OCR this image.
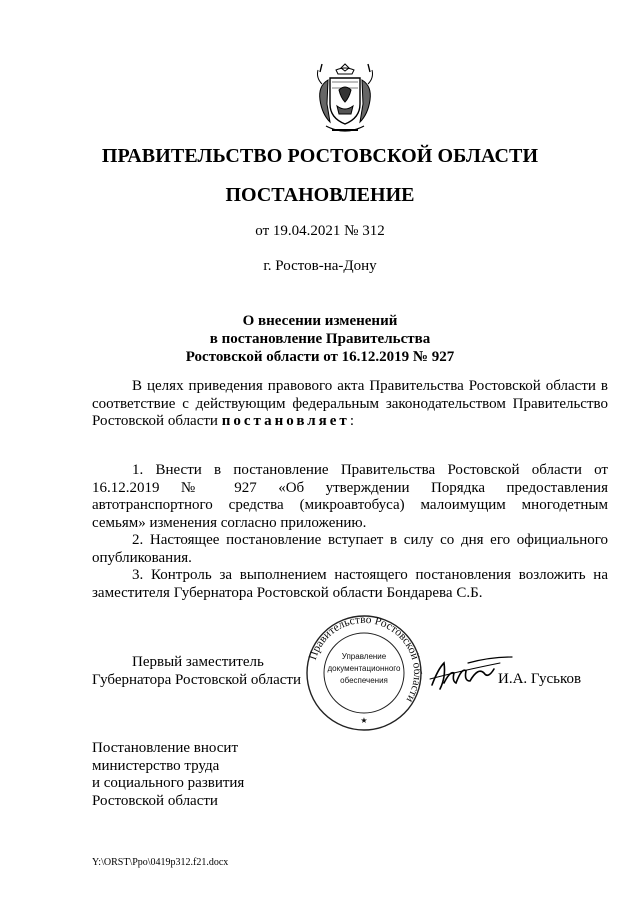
ПРАВИТЕЛЬСТВО РОСТОВСКОЙ ОБЛАСТИ
ПОСТАНОВЛЕНИЕ
от 19.04.2021 № 312
г. Ростов-на-Дону
О внесении изменений
в постановление Правительства
Ростовской области от 16.12.2019 № 927
В целях приведения правового акта Правительства Ростовской области в соответствие с действующим федеральным законодательством Правительство Ростовской области постановляет:
1. Внести в постановление Правительства Ростовской области от 16.12.2019 № 927 «Об утверждении Порядка предоставления автотранспортного средства (микроавтобуса) малоимущим многодетным семьям» изменения согласно приложению.
2. Настоящее постановление вступает в силу со дня его официального опубликования.
3. Контроль за выполнением настоящего постановления возложить на заместителя Губернатора Ростовской области Бондарева С.Б.
Правительство Ростовской области
Управление
документационного
обеспечения
★
Первый заместитель
Губернатора Ростовской области	И.А. Гуськов
Постановление вносит
министерство труда
и социального развития
Ростовской области
Y:\ORST\Ppo\0419p312.f21.docx
